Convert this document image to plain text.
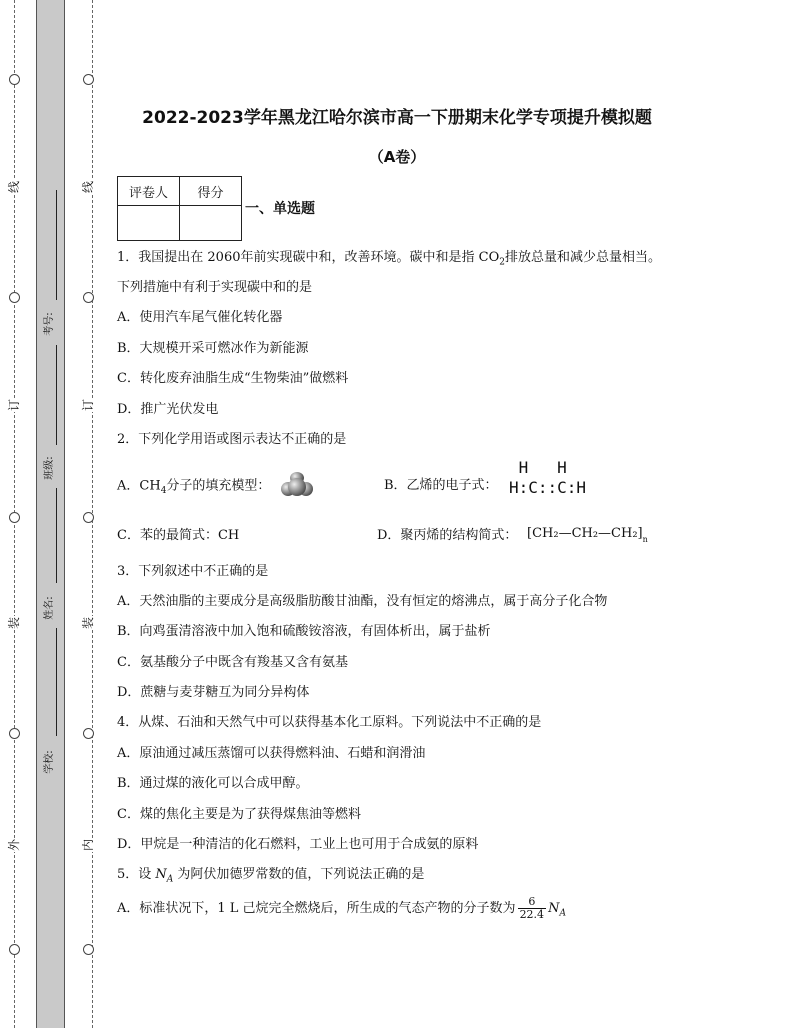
线
订
装
外
线
订
装
内
考号:
班级:
姓名:
学校:
2022-2023学年黑龙江哈尔滨市高一下册期末化学专项提升模拟题
（A卷）
评卷人	得分

一、单选题
1．我国提出在 2060年前实现碳中和，改善环境。碳中和是指 $CO_2$排放总量和减少总量相当。
下列措施中有利于实现碳中和的是
A．使用汽车尾气催化转化器
B．大规模开采可燃冰作为新能源
C．转化废弃油脂生成“生物柴油”做燃料
D．推广光伏发电
2．下列化学用语或图示表达不正确的是
A．$CH_4$分子的填充模型：	B．乙烯的电子式：
H   H
H:C::C:H
C．苯的最简式：CH	D．聚丙烯的结构简式： $[CH_2—CH_2—CH_2]_n$
3．下列叙述中不正确的是
A．天然油脂的主要成分是高级脂肪酸甘油酯，没有恒定的熔沸点，属于高分子化合物
B．向鸡蛋清溶液中加入饱和硫酸铵溶液，有固体析出，属于盐析
C．氨基酸分子中既含有羧基又含有氨基
D．蔗糖与麦芽糖互为同分异构体
4．从煤、石油和天然气中可以获得基本化工原料。下列说法中不正确的是
A．原油通过减压蒸馏可以获得燃料油、石蜡和润滑油
B．通过煤的液化可以合成甲醇。
C．煤的焦化主要是为了获得煤焦油等燃料
D．甲烷是一种清洁的化石燃料，工业上也可用于合成氨的原料
5．设 $N_A$ 为阿伏加德罗常数的值，下列说法正确的是
A．标准状况下，1 L 己烷完全燃烧后，所生成的气态产物的分子数为 $\frac{6}{22.4} N_A$
